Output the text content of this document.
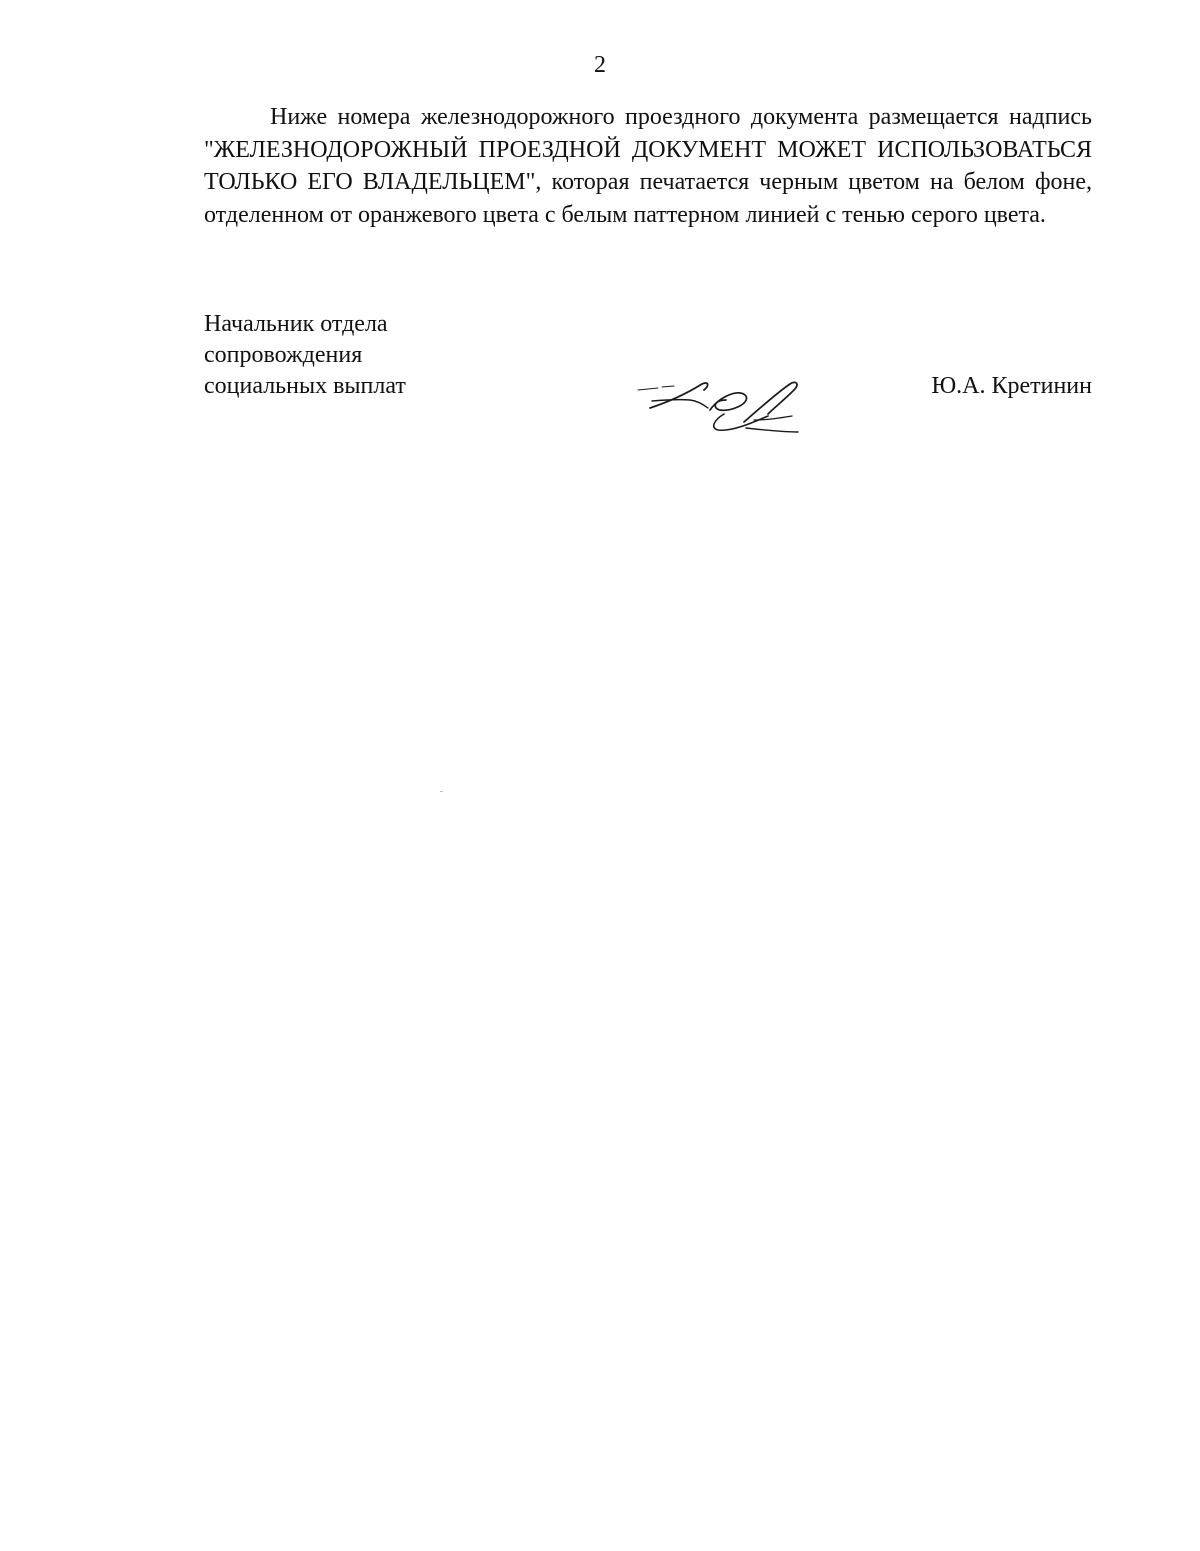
2

Ниже номера железнодорожного проездного документа размещается надпись "ЖЕЛЕЗНОДОРОЖНЫЙ ПРОЕЗДНОЙ ДОКУМЕНТ МОЖЕТ ИСПОЛЬЗОВАТЬСЯ ТОЛЬКО ЕГО ВЛАДЕЛЬЦЕМ", которая печатается черным цветом на белом фоне, отделенном от оранжевого цвета с белым паттерном линией с тенью серого цвета.

Начальник отдела
сопровождения
социальных выплат	Ю.А. Кретинин
